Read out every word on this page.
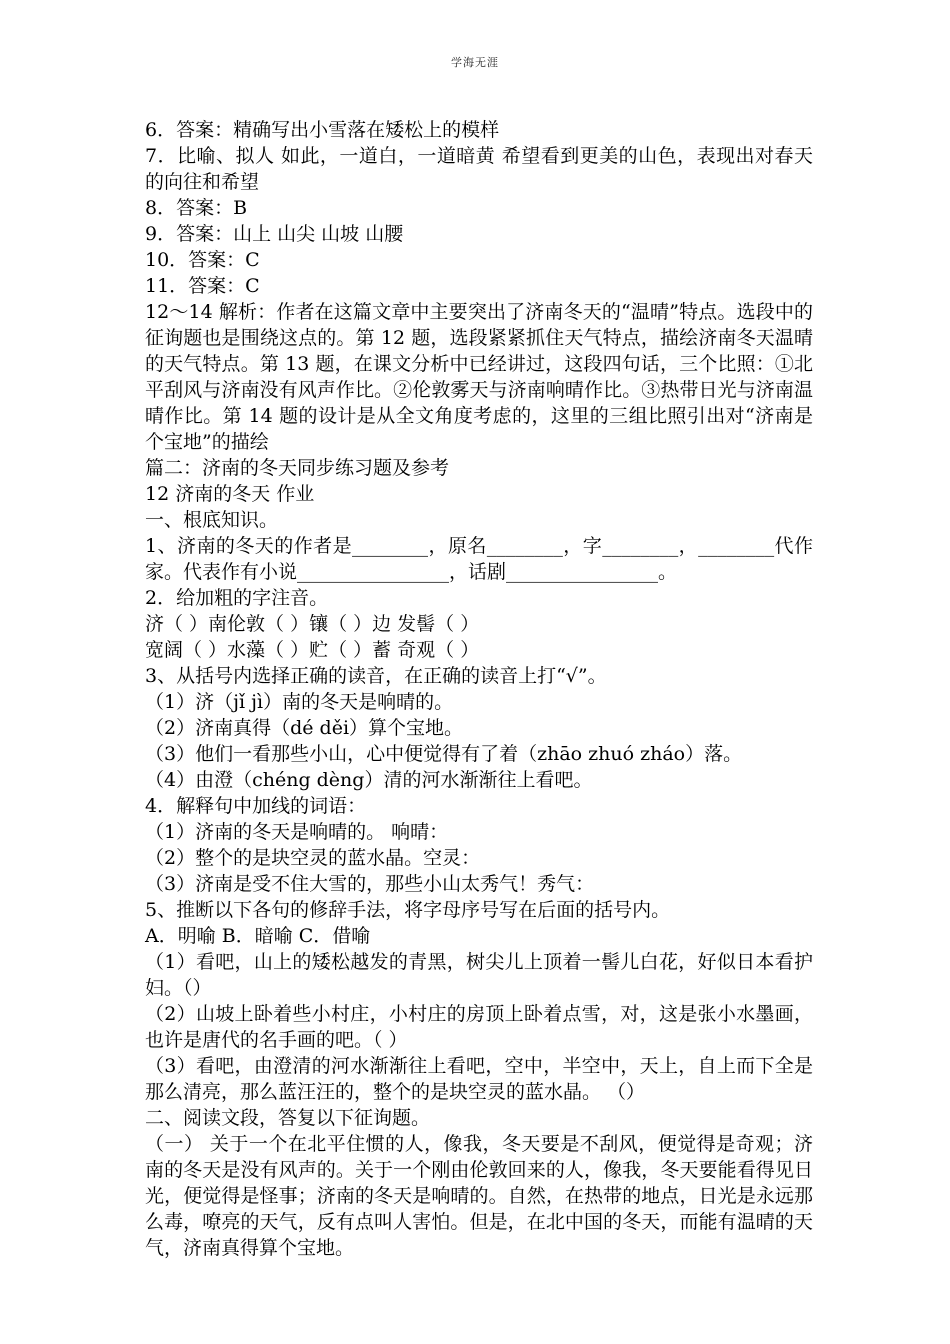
学海无涯

6．答案：精确写出小雪落在矮松上的模样

7．比喻、拟人 如此，一道白，一道暗黄 希望看到更美的山色，表现出对春天的向往和希望

8．答案：B

9．答案：山上 山尖 山坡 山腰

10．答案：C

11．答案：C

12～14 解析：作者在这篇文章中主要突出了济南冬天的“温晴”特点。选段中的征询题也是围绕这点的。第 12 题，选段紧紧抓住天气特点，描绘济南冬天温晴的天气特点。第 13 题，在课文分析中已经讲过，这段四句话，三个比照：①北平刮风与济南没有风声作比。②伦敦雾天与济南响晴作比。③热带日光与济南温晴作比。第 14 题的设计是从全文角度考虑的，这里的三组比照引出对“济南是个宝地”的描绘

篇二：济南的冬天同步练习题及参考

12 济南的冬天 作业

一、根底知识。

1、济南的冬天的作者是________，原名________，字________，________代作家。代表作有小说________________，话剧________________。

2．给加粗的字注音。

济（ ）南伦敦（ ）镶（ ）边 发髻（ ）

宽阔（ ）水藻（ ）贮（ ）蓄 奇观（ ）

3、从括号内选择正确的读音，在正确的读音上打“√”。

（1）济（jǐ jì）南的冬天是响晴的。

（2）济南真得（dé děi）算个宝地。

（3）他们一看那些小山，心中便觉得有了着（zhāo zhuó zháo）落。

（4）由澄（chéng dèng）清的河水渐渐往上看吧。

4．解释句中加线的词语：

（1）济南的冬天是响晴的。 响晴：

（2）整个的是块空灵的蓝水晶。空灵：

（3）济南是受不住大雪的，那些小山太秀气！秀气：

5、推断以下各句的修辞手法，将字母序号写在后面的括号内。

A．明喻 B．暗喻 C．借喻

（1）看吧，山上的矮松越发的青黑，树尖儿上顶着一髻儿白花，好似日本看护妇。（）

（2）山坡上卧着些小村庄，小村庄的房顶上卧着点雪，对，这是张小水墨画，也许是唐代的名手画的吧。（ ）

（3）看吧，由澄清的河水渐渐往上看吧，空中，半空中，天上，自上而下全是那么清亮，那么蓝汪汪的，整个的是块空灵的蓝水晶。 （）

二、阅读文段，答复以下征询题。

（一） 关于一个在北平住惯的人，像我，冬天要是不刮风，便觉得是奇观；济南的冬天是没有风声的。关于一个刚由伦敦回来的人，像我，冬天要能看得见日光，便觉得是怪事；济南的冬天是响晴的。自然，在热带的地点，日光是永远那么毒，嘹亮的天气，反有点叫人害怕。但是，在北中国的冬天，而能有温晴的天气，济南真得算个宝地。
